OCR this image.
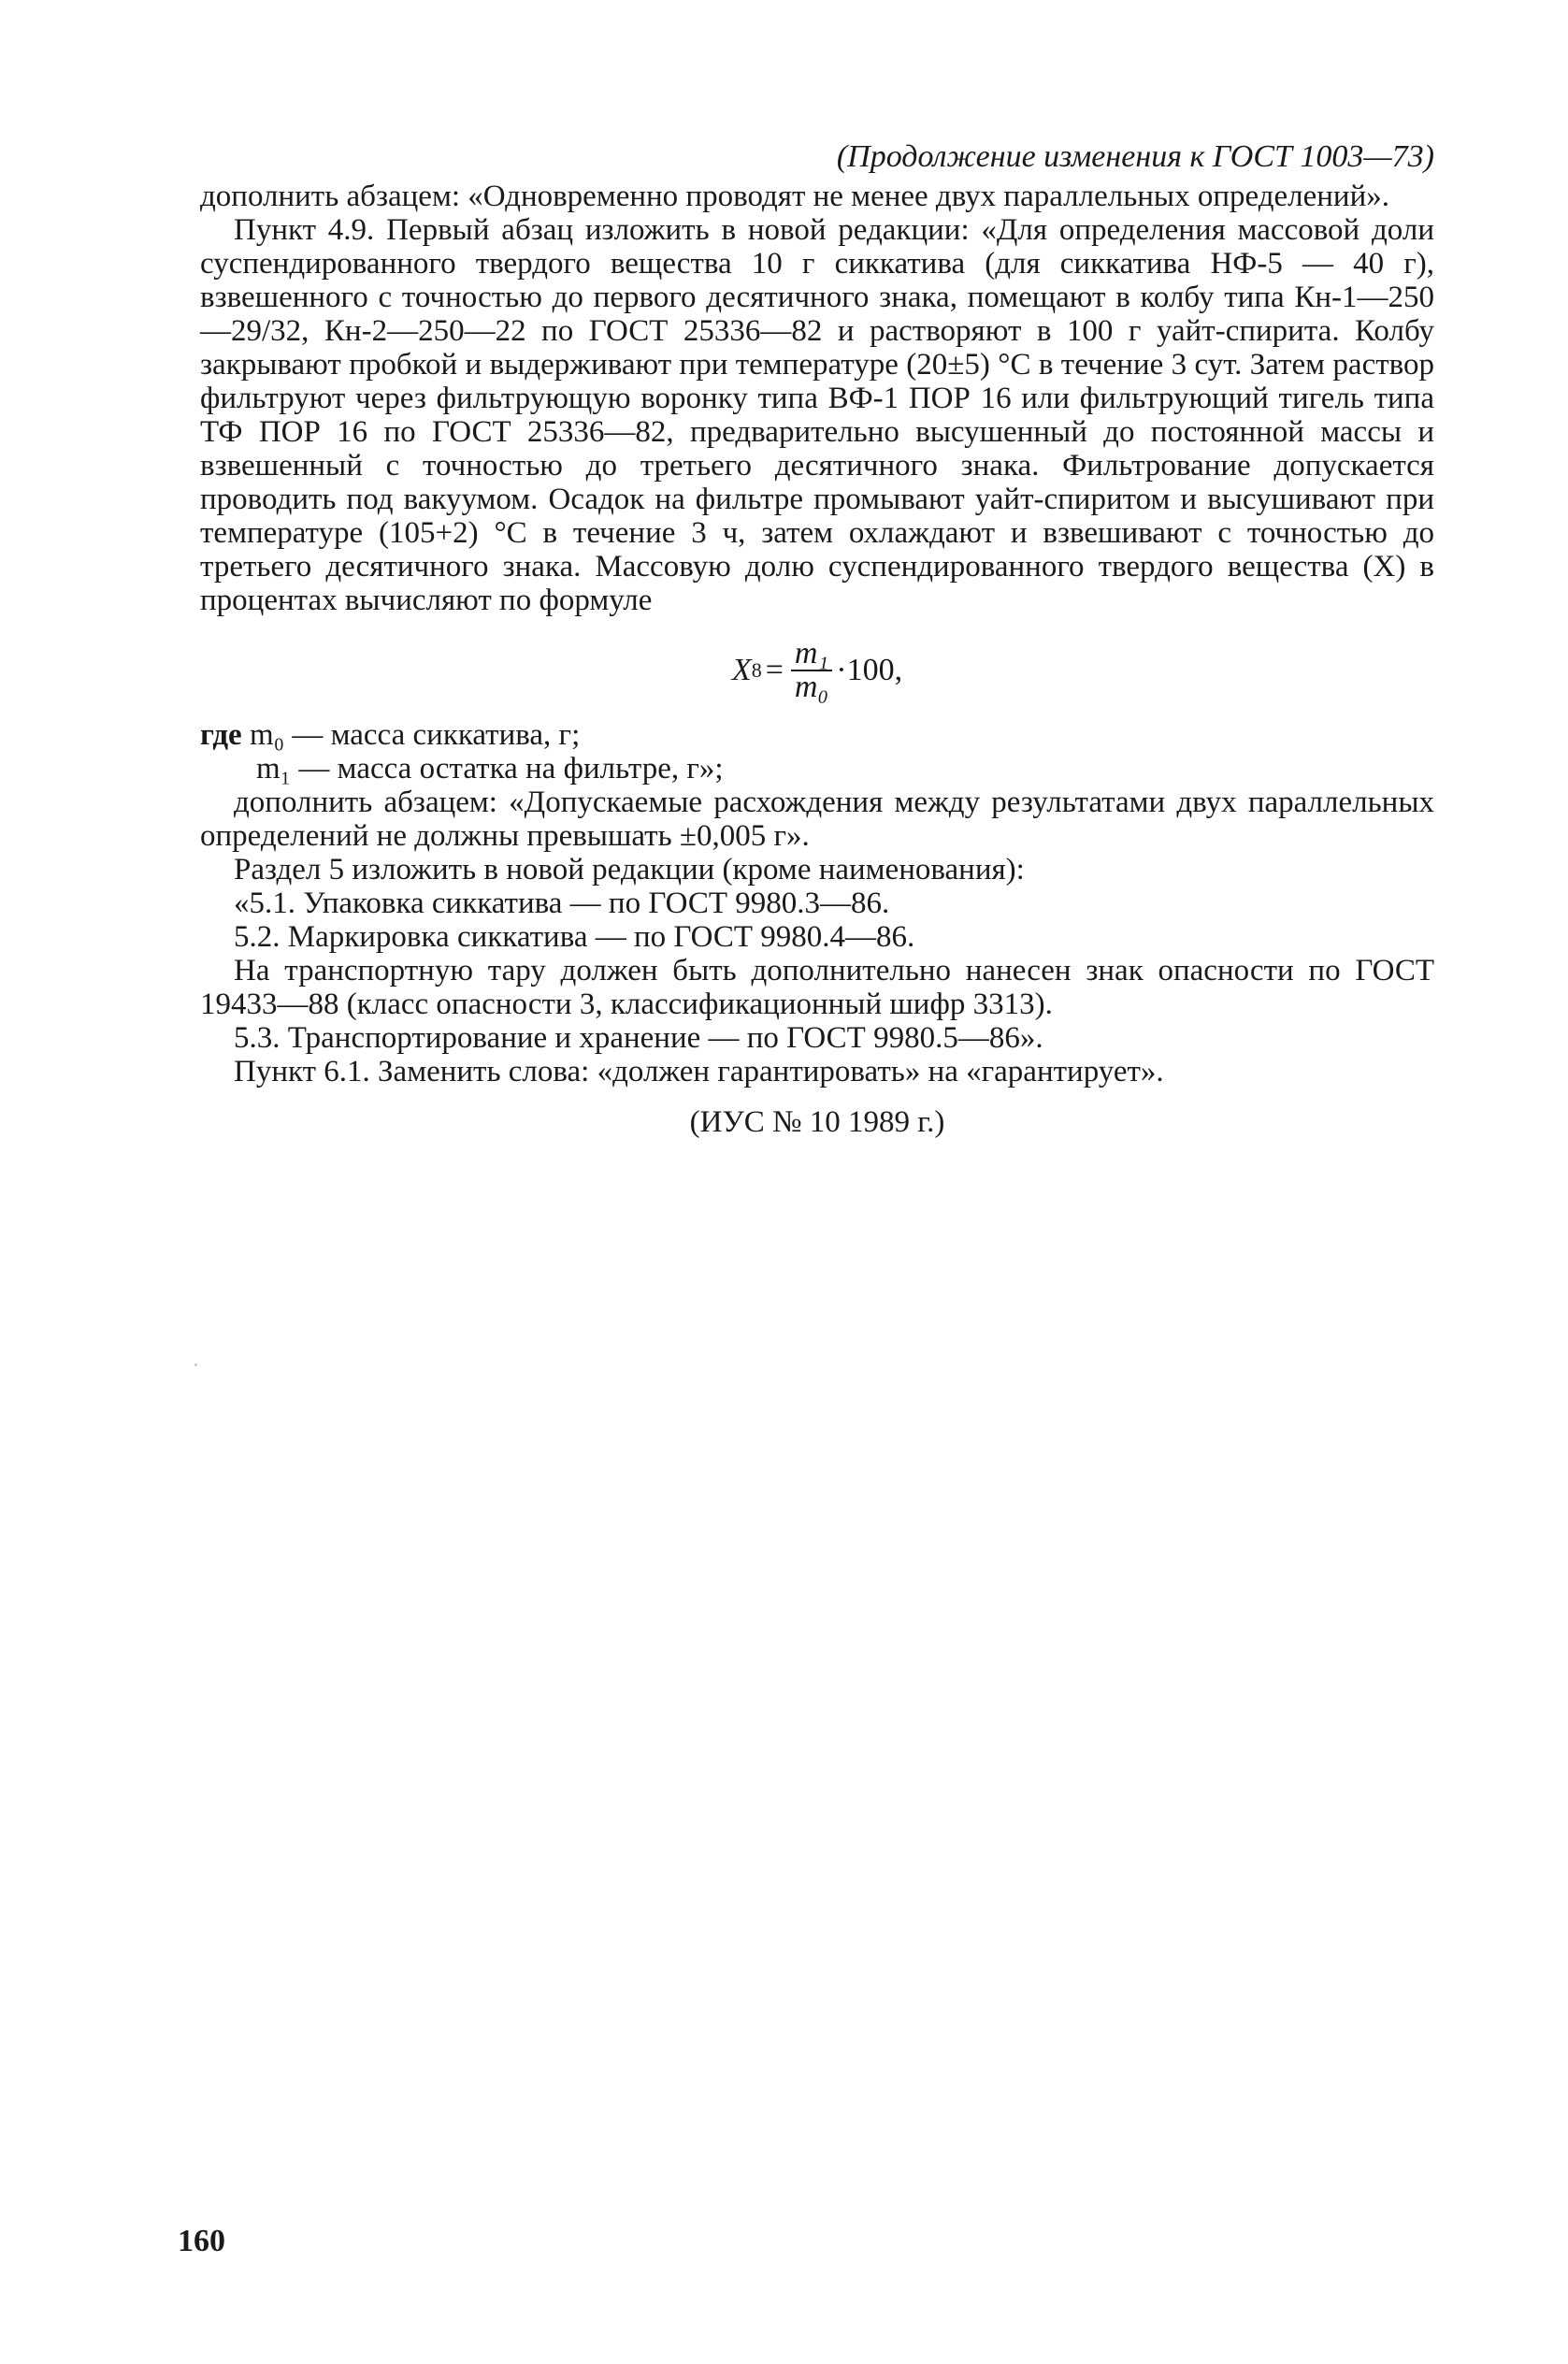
(Продолжение изменения к ГОСТ 1003—73)

дополнить абзацем: «Одновременно проводят не менее двух параллельных определений».

Пункт 4.9. Первый абзац изложить в новой редакции: «Для определения массовой доли суспендированного твердого вещества 10 г сиккатива (для сиккатива НФ-5 — 40 г), взвешенного с точностью до первого десятичного знака, помещают в колбу типа Кн-1—250—29/32, Кн-2—250—22 по ГОСТ 25336—82 и растворяют в 100 г уайт-спирита. Колбу закрывают пробкой и выдерживают при температуре (20±5) °С в течение 3 сут. Затем раствор фильтруют через фильтрующую воронку типа ВФ-1 ПОР 16 или фильтрующий тигель типа ТФ ПОР 16 по ГОСТ 25336—82, предварительно высушенный до постоянной массы и взвешенный с точностью до третьего десятичного знака. Фильтрование допускается проводить под вакуумом. Осадок на фильтре промывают уайт-спиритом и высушивают при температуре (105+2) °С в течение 3 ч, затем охлаждают и взвешивают с точностью до третьего десятичного знака. Массовую долю суспендированного твердого вещества (Х) в процентах вычисляют по формуле

X $8 = \frac{\text{m₁}}{\text{m₀}} \cdot 100$,

где m₀ — масса сиккатива, г;

m₁ — масса остатка на фильтре, г»;

дополнить абзацем: «Допускаемые расхождения между результатами двух параллельных определений не должны превышать ±0,005 г».

Раздел 5 изложить в новой редакции (кроме наименования):

«5.1. Упаковка сиккатива — по ГОСТ 9980.3—86.

5.2. Маркировка сиккатива — по ГОСТ 9980.4—86.

На транспортную тару должен быть дополнительно нанесен знак опасности по ГОСТ 19433—88 (класс опасности 3, классификационный шифр 3313).

5.3. Транспортирование и хранение — по ГОСТ 9980.5—86».

Пункт 6.1. Заменить слова: «должен гарантировать» на «гарантирует».

(ИУС № 10 1989 г.)

160
